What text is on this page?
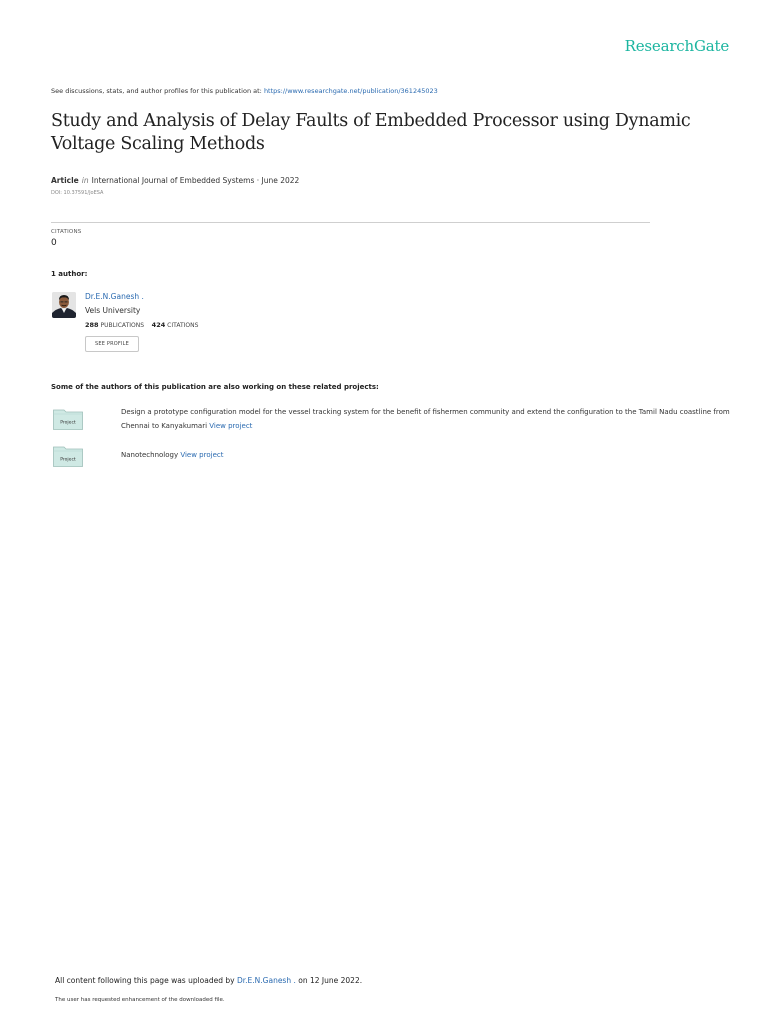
ResearchGate
See discussions, stats, and author profiles for this publication at: https://www.researchgate.net/publication/361245023
Study and Analysis of Delay Faults of Embedded Processor using Dynamic Voltage Scaling Methods
Article in International Journal of Embedded Systems · June 2022
DOI: 10.37591/JoESA
CITATIONS
0
1 author:
Dr.E.N.Ganesh .
Vels University
288 PUBLICATIONS 424 CITATIONS
SEE PROFILE
Some of the authors of this publication are also working on these related projects:
Project
Design a prototype configuration model for the vessel tracking system for the benefit of fishermen community and extend the configuration to the Tamil Nadu coastline from Chennai to Kanyakumari View project
Project
Nanotechnology View project
All content following this page was uploaded by Dr.E.N.Ganesh . on 12 June 2022.
The user has requested enhancement of the downloaded file.
